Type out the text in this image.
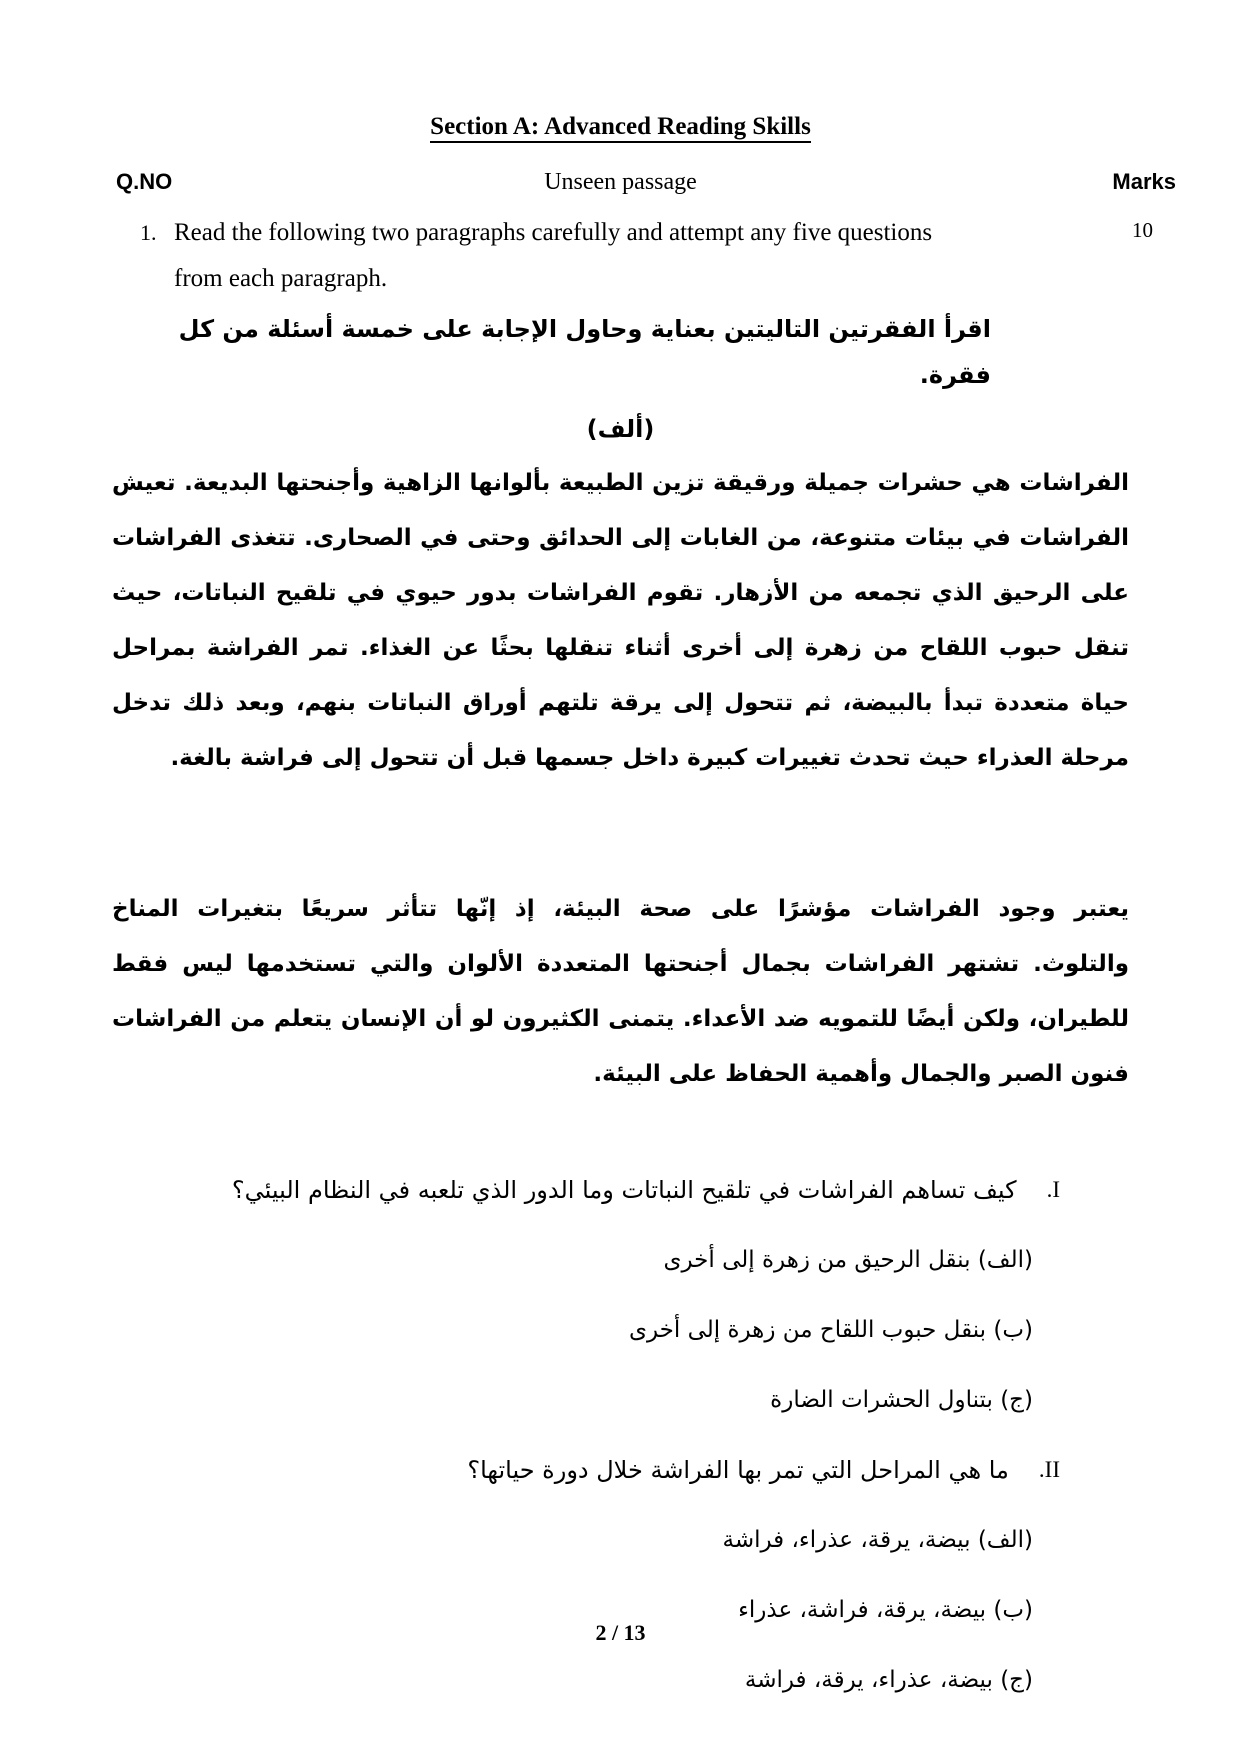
Section A: Advanced Reading Skills
Q.NO	Unseen passage	Marks
1. Read the following two paragraphs carefully and attempt any five questions
from each paragraph.
10
اقرأ الفقرتين التاليتين بعناية وحاول الإجابة على خمسة أسئلة من كل فقرة.
(ألف)
الفراشات هي حشرات جميلة ورقيقة تزين الطبيعة بألوانها الزاهية وأجنحتها البديعة. تعيش
الفراشات في بيئات متنوعة، من الغابات إلى الحدائق وحتى في الصحارى. تتغذى الفراشات
على الرحيق الذي تجمعه من الأزهار. تقوم الفراشات بدور حيوي في تلقيح النباتات، حيث
تنقل حبوب اللقاح من زهرة إلى أخرى أثناء تنقلها بحثًا عن الغذاء. تمر الفراشة بمراحل
حياة متعددة تبدأ بالبيضة، ثم تتحول إلى يرقة تلتهم أوراق النباتات بنهم، وبعد ذلك تدخل
مرحلة العذراء حيث تحدث تغييرات كبيرة داخل جسمها قبل أن تتحول إلى فراشة بالغة.
يعتبر وجود الفراشات مؤشرًا على صحة البيئة، إذ إنّها تتأثر سريعًا بتغيرات المناخ
والتلوث. تشتهر الفراشات بجمال أجنحتها المتعددة الألوان والتي تستخدمها ليس فقط
للطيران، ولكن أيضًا للتمويه ضد الأعداء. يتمنى الكثيرون لو أن الإنسان يتعلم من الفراشات
فنون الصبر والجمال وأهمية الحفاظ على البيئة.
I.
كيف تساهم الفراشات في تلقيح النباتات وما الدور الذي تلعبه في النظام البيئي؟
(الف) بنقل الرحيق من زهرة إلى أخرى
(ب) بنقل حبوب اللقاح من زهرة إلى أخرى
(ج) بتناول الحشرات الضارة
II.
ما هي المراحل التي تمر بها الفراشة خلال دورة حياتها؟
(الف) بيضة، يرقة، عذراء، فراشة
(ب) بيضة، يرقة، فراشة، عذراء
(ج) بيضة، عذراء، يرقة، فراشة
2 / 13
